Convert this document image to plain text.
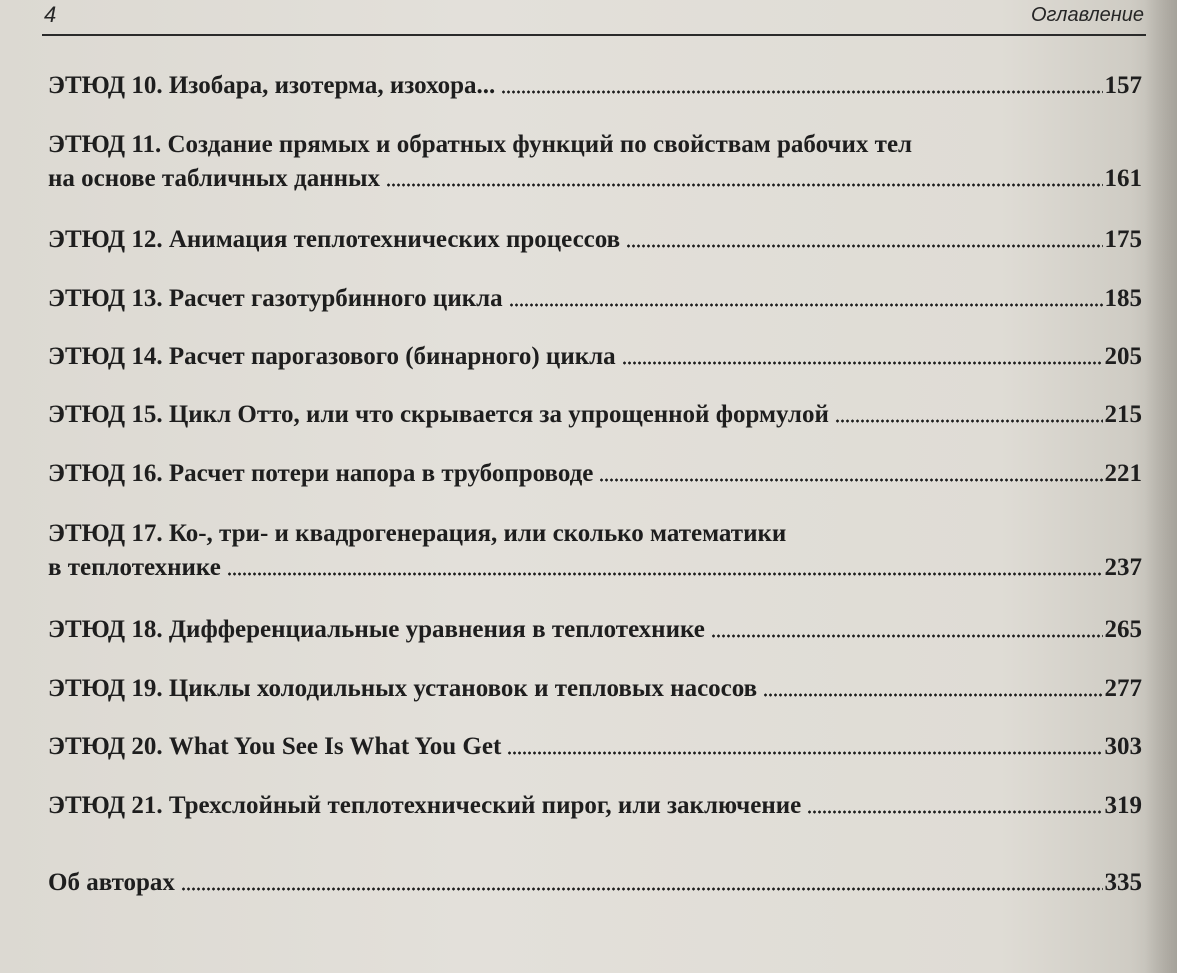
4	Оглавление
ЭТЮД 10. Изобара, изотерма, изохора...	157
ЭТЮД 11. Создание прямых и обратных функций по свойствам рабочих тел
на основе табличных данных	161
ЭТЮД 12. Анимация теплотехнических процессов	175
ЭТЮД 13. Расчет газотурбинного цикла	185
ЭТЮД 14. Расчет парогазового (бинарного) цикла	205
ЭТЮД 15. Цикл Отто, или что скрывается за упрощенной формулой	215
ЭТЮД 16. Расчет потери напора в трубопроводе	221
ЭТЮД 17. Ко-, три- и квадрогенерация, или сколько математики
в теплотехнике	237
ЭТЮД 18. Дифференциальные уравнения в теплотехнике	265
ЭТЮД 19. Циклы холодильных установок и тепловых насосов	277
ЭТЮД 20. What You See Is What You Get	303
ЭТЮД 21. Трехслойный теплотехнический пирог, или заключение	319
Об авторах	335
